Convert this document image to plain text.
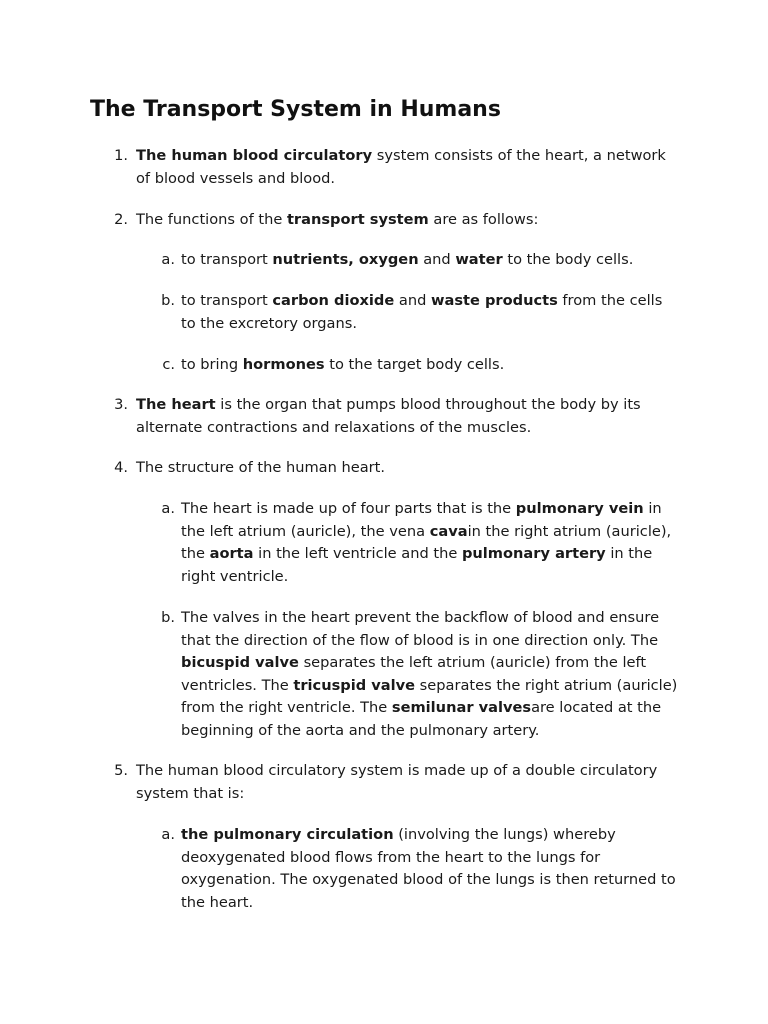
The Transport System in Humans

1. The human blood circulatory system consists of the heart, a network of blood vessels and blood.

2. The functions of the transport system are as follows:

a. to transport nutrients, oxygen and water to the body cells.

b. to transport carbon dioxide and waste products from the cells to the excretory organs.

c. to bring hormones to the target body cells.

3. The heart is the organ that pumps blood throughout the body by its alternate contractions and relaxations of the muscles.

4. The structure of the human heart.

a. The heart is made up of four parts that is the pulmonary vein in the left atrium (auricle), the vena cavain the right atrium (auricle), the aorta in the left ventricle and the pulmonary artery in the right ventricle.

b. The valves in the heart prevent the backflow of blood and ensure that the direction of the flow of blood is in one direction only. The bicuspid valve separates the left atrium (auricle) from the left ventricles. The tricuspid valve separates the right atrium (auricle) from the right ventricle. The semilunar valvesare located at the beginning of the aorta and the pulmonary artery.

5. The human blood circulatory system is made up of a double circulatory system that is:

a. the pulmonary circulation (involving the lungs) whereby deoxygenated blood flows from the heart to the lungs for oxygenation. The oxygenated blood of the lungs is then returned to the heart.
